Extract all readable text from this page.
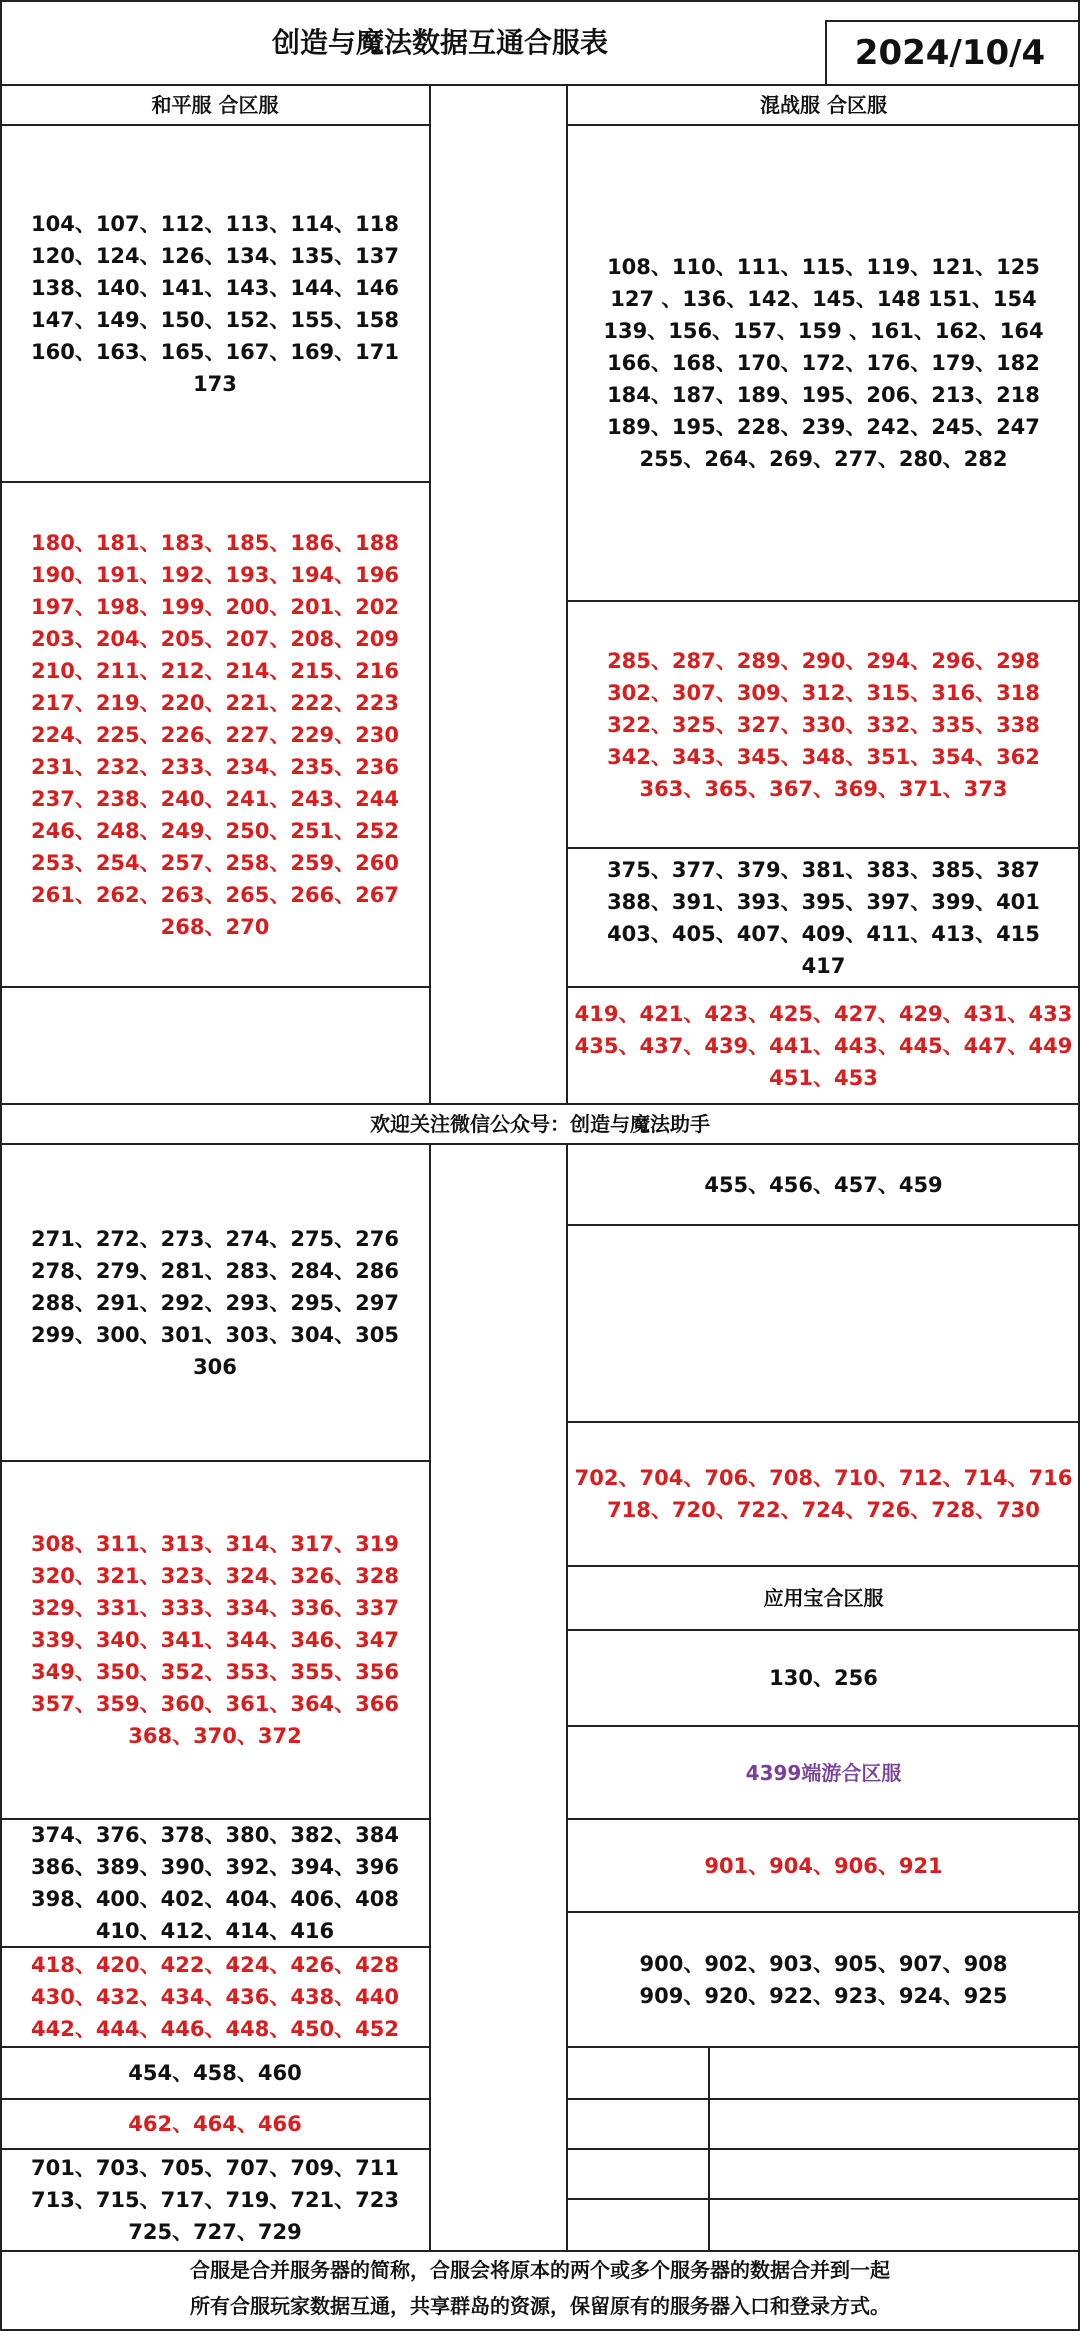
创造与魔法数据互通合服表	2024/10/4
和平服 合区服	混战服 合区服
104、107、112、113、114、118
120、124、126、134、135、137
138、140、141、143、144、146
147、149、150、152、155、158
160、163、165、167、169、171
173
180、181、183、185、186、188
190、191、192、193、194、196
197、198、199、200、201、202
203、204、205、207、208、209
210、211、212、214、215、216
217、219、220、221、222、223
224、225、226、227、229、230
231、232、233、234、235、236
237、238、240、241、243、244
246、248、249、250、251、252
253、254、257、258、259、260
261、262、263、265、266、267
268、270
108、110、111、115、119、121、125
127 、136、142、145、148 151、154
139、156、157、159 、161、162、164
166、168、170、172、176、179、182
184、187、189、195、206、213、218
189、195、228、239、242、245、247
255、264、269、277、280、282
285、287、289、290、294、296、298
302、307、309、312、315、316、318
322、325、327、330、332、335、338
342、343、345、348、351、354、362
363、365、367、369、371、373
375、377、379、381、383、385、387
388、391、393、395、397、399、401
403、405、407、409、411、413、415
417
419、421、423、425、427、429、431、433
435、437、439、441、443、445、447、449
451、453
欢迎关注微信公众号：创造与魔法助手
271、272、273、274、275、276
278、279、281、283、284、286
288、291、292、293、295、297
299、300、301、303、304、305
306
308、311、313、314、317、319
320、321、323、324、326、328
329、331、333、334、336、337
339、340、341、344、346、347
349、350、352、353、355、356
357、359、360、361、364、366
368、370、372
374、376、378、380、382、384
386、389、390、392、394、396
398、400、402、404、406、408
410、412、414、416
418、420、422、424、426、428
430、432、434、436、438、440
442、444、446、448、450、452
454、458、460
462、464、466
701、703、705、707、709、711
713、715、717、719、721、723
725、727、729
455、456、457、459
702、704、706、708、710、712、714、716
718、720、722、724、726、728、730
应用宝合区服
130、256
4399端游合区服
901、904、906、921
900、902、903、905、907、908
909、920、922、923、924、925
合服是合并服务器的简称，合服会将原本的两个或多个服务器的数据合并到一起
所有合服玩家数据互通，共享群岛的资源，保留原有的服务器入口和登录方式。
